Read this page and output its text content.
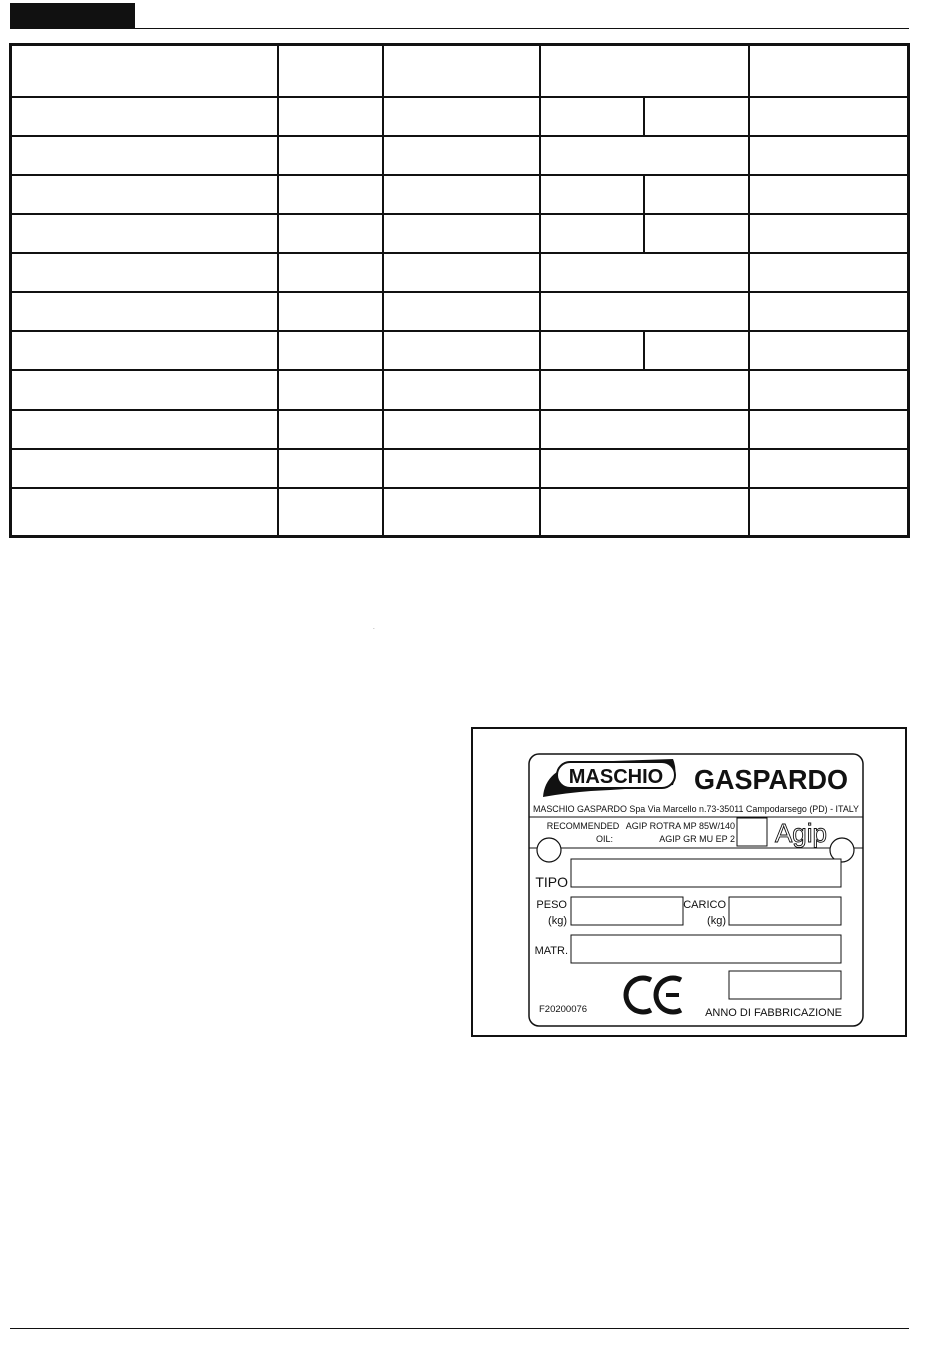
MASCHIO GASPARDO
MASCHIO GASPARDO Spa Via Marcello n.73-35011 Campodarsego (PD) - ITALY
RECOMMENDED
OIL:
AGIP ROTRA MP 85W/140
AGIP GR MU EP 2 Agip
TIPO
PESO
(kg)
CARICO
(kg)
MATR.
CE
F20200076	ANNO DI FABBRICAZIONE
